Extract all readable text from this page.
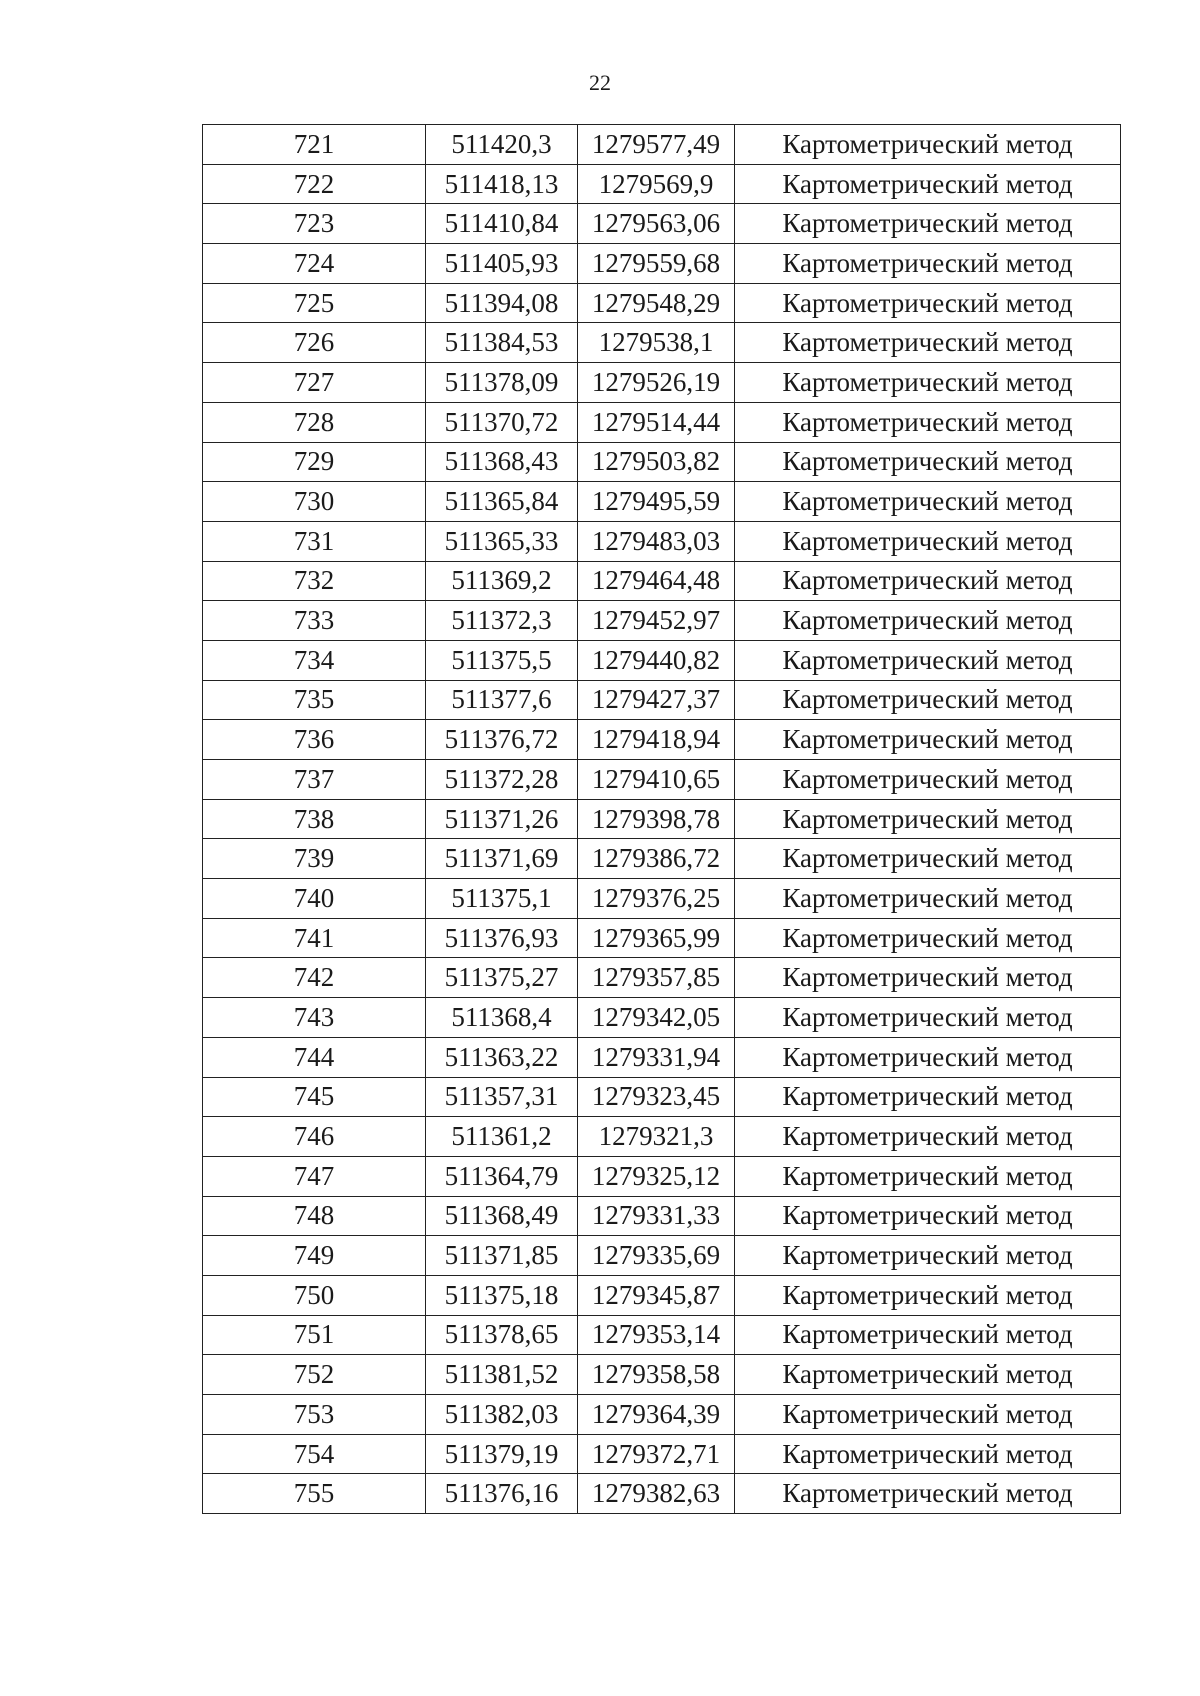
22
721	511420,3	1279577,49	Картометрический метод
722	511418,13	1279569,9	Картометрический метод
723	511410,84	1279563,06	Картометрический метод
724	511405,93	1279559,68	Картометрический метод
725	511394,08	1279548,29	Картометрический метод
726	511384,53	1279538,1	Картометрический метод
727	511378,09	1279526,19	Картометрический метод
728	511370,72	1279514,44	Картометрический метод
729	511368,43	1279503,82	Картометрический метод
730	511365,84	1279495,59	Картометрический метод
731	511365,33	1279483,03	Картометрический метод
732	511369,2	1279464,48	Картометрический метод
733	511372,3	1279452,97	Картометрический метод
734	511375,5	1279440,82	Картометрический метод
735	511377,6	1279427,37	Картометрический метод
736	511376,72	1279418,94	Картометрический метод
737	511372,28	1279410,65	Картометрический метод
738	511371,26	1279398,78	Картометрический метод
739	511371,69	1279386,72	Картометрический метод
740	511375,1	1279376,25	Картометрический метод
741	511376,93	1279365,99	Картометрический метод
742	511375,27	1279357,85	Картометрический метод
743	511368,4	1279342,05	Картометрический метод
744	511363,22	1279331,94	Картометрический метод
745	511357,31	1279323,45	Картометрический метод
746	511361,2	1279321,3	Картометрический метод
747	511364,79	1279325,12	Картометрический метод
748	511368,49	1279331,33	Картометрический метод
749	511371,85	1279335,69	Картометрический метод
750	511375,18	1279345,87	Картометрический метод
751	511378,65	1279353,14	Картометрический метод
752	511381,52	1279358,58	Картометрический метод
753	511382,03	1279364,39	Картометрический метод
754	511379,19	1279372,71	Картометрический метод
755	511376,16	1279382,63	Картометрический метод
